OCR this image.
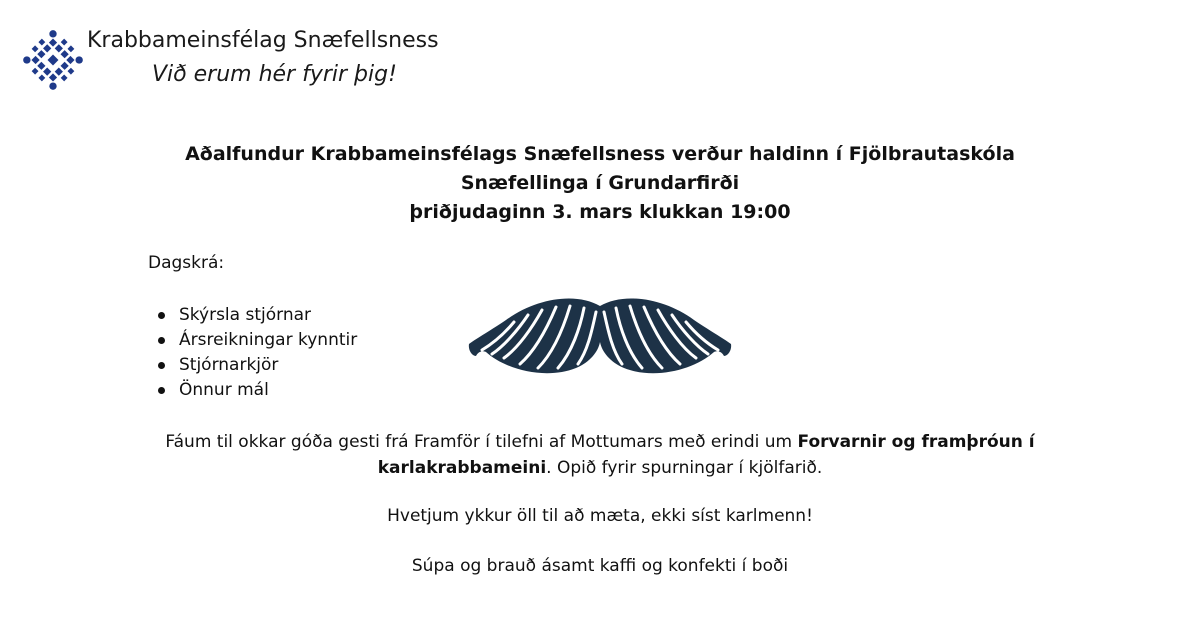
Krabbameinsfélag Snæfellsness
Við erum hér fyrir þig!
Aðalfundur Krabbameinsfélags Snæfellsness verður haldinn í Fjölbrautaskóla
Snæfellinga í Grundarfirði
þriðjudaginn 3. mars klukkan 19:00
Dagskrá:
Skýrsla stjórnar
Ársreikningar kynntir
Stjórnarkjör
Önnur mál
Fáum til okkar góða gesti frá Framför í tilefni af Mottumars með erindi um Forvarnir og framþróun í
karlakrabbameini. Opið fyrir spurningar í kjölfarið.
Hvetjum ykkur öll til að mæta, ekki síst karlmenn!
Súpa og brauð ásamt kaffi og konfekti í boði
